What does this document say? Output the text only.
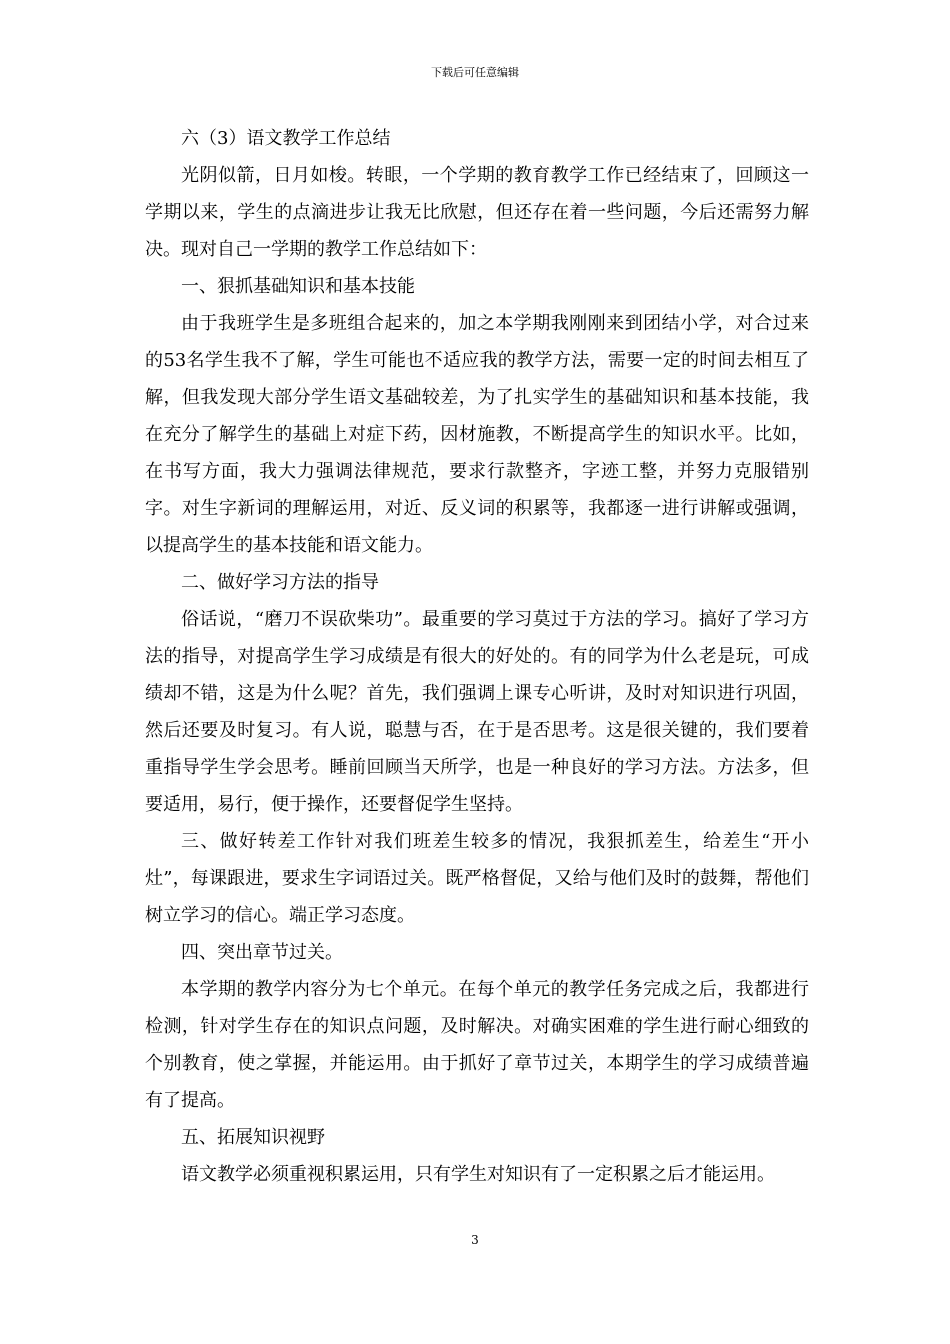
下载后可任意编辑

六（3）语文教学工作总结

光阴似箭，日月如梭。转眼，一个学期的教育教学工作已经结束了，回顾这一学期以来，学生的点滴进步让我无比欣慰，但还存在着一些问题，今后还需努力解决。现对自己一学期的教学工作总结如下：

一、狠抓基础知识和基本技能

由于我班学生是多班组合起来的，加之本学期我刚刚来到团结小学，对合过来的53名学生我不了解，学生可能也不适应我的教学方法，需要一定的时间去相互了解，但我发现大部分学生语文基础较差，为了扎实学生的基础知识和基本技能，我在充分了解学生的基础上对症下药，因材施教，不断提高学生的知识水平。比如，在书写方面，我大力强调法律规范，要求行款整齐，字迹工整，并努力克服错别字。对生字新词的理解运用，对近、反义词的积累等，我都逐一进行讲解或强调，以提高学生的基本技能和语文能力。

二、做好学习方法的指导

俗话说，“磨刀不误砍柴功”。最重要的学习莫过于方法的学习。搞好了学习方法的指导，对提高学生学习成绩是有很大的好处的。有的同学为什么老是玩，可成绩却不错，这是为什么呢？首先，我们强调上课专心听讲，及时对知识进行巩固，然后还要及时复习。有人说，聪慧与否，在于是否思考。这是很关键的，我们要着重指导学生学会思考。睡前回顾当天所学，也是一种良好的学习方法。方法多，但要适用，易行，便于操作，还要督促学生坚持。

三、做好转差工作针对我们班差生较多的情况，我狠抓差生，给差生“开小灶”，每课跟进，要求生字词语过关。既严格督促，又给与他们及时的鼓舞，帮他们树立学习的信心。端正学习态度。

四、突出章节过关。

本学期的教学内容分为七个单元。在每个单元的教学任务完成之后，我都进行检测，针对学生存在的知识点问题，及时解决。对确实困难的学生进行耐心细致的个别教育，使之掌握，并能运用。由于抓好了章节过关，本期学生的学习成绩普遍有了提高。

五、拓展知识视野

语文教学必须重视积累运用，只有学生对知识有了一定积累之后才能运用。

3
